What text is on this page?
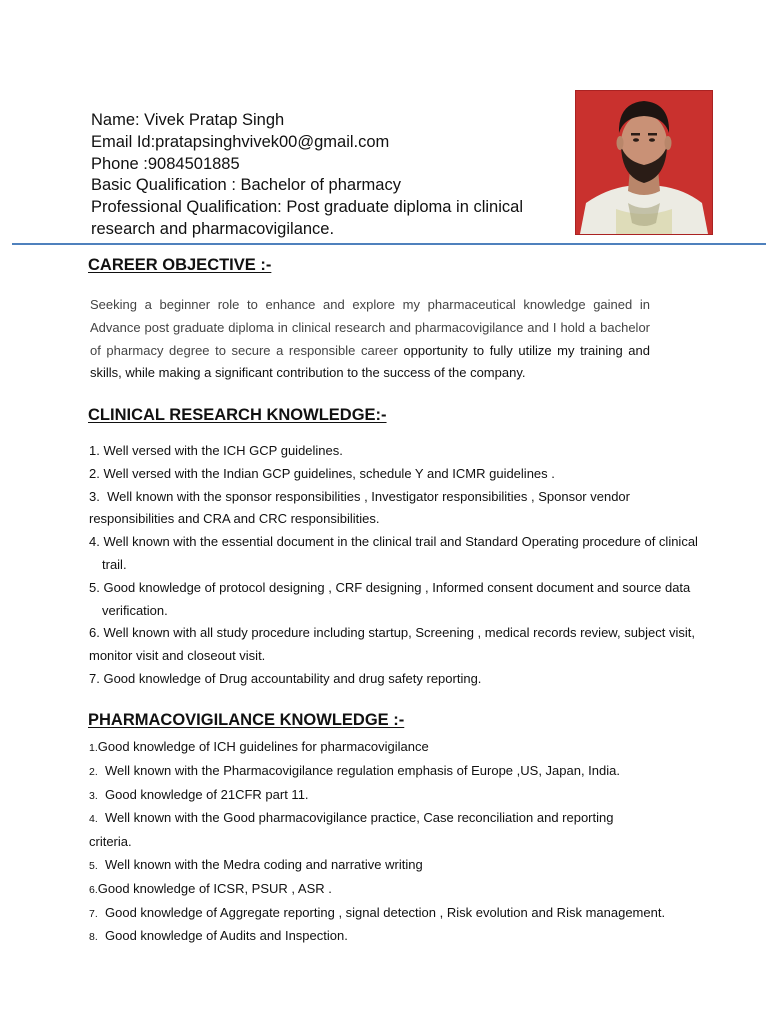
Name: Vivek Pratap Singh
Email Id:pratapsinghvivek00@gmail.com
Phone :9084501885
Basic Qualification : Bachelor of pharmacy
Professional Qualification: Post graduate diploma in clinical research and pharmacovigilance.
CAREER OBJECTIVE :-
Seeking a beginner role to enhance and explore my pharmaceutical knowledge gained in Advance post graduate diploma in clinical research and pharmacovigilance and I hold a bachelor of pharmacy degree to secure a responsible career opportunity to fully utilize my training and skills, while making a significant contribution to the success of the company.
CLINICAL RESEARCH KNOWLEDGE:-
1. Well versed with the ICH GCP guidelines.
2. Well versed with the Indian GCP guidelines, schedule Y and ICMR guidelines .
3. Well known with the sponsor responsibilities , Investigator responsibilities , Sponsor vendor
responsibilities and CRA and CRC responsibilities.
4. Well known with the essential document in the clinical trail and Standard Operating procedure of clinical
trail.
5. Good knowledge of protocol designing , CRF designing , Informed consent document and source data
verification.
6. Well known with all study procedure including startup, Screening , medical records review, subject visit,
monitor visit and closeout visit.
7. Good knowledge of Drug accountability and drug safety reporting.
PHARMACOVIGILANCE KNOWLEDGE :-
1.Good knowledge of ICH guidelines for pharmacovigilance
2. Well known with the Pharmacovigilance regulation emphasis of Europe ,US, Japan, India.
3. Good knowledge of 21CFR part 11.
4. Well known with the Good pharmacovigilance practice, Case reconciliation and reporting
criteria.
5. Well known with the Medra coding and narrative writing
6.Good knowledge of ICSR, PSUR , ASR .
7. Good knowledge of Aggregate reporting , signal detection , Risk evolution and Risk management.
8. Good knowledge of Audits and Inspection.
